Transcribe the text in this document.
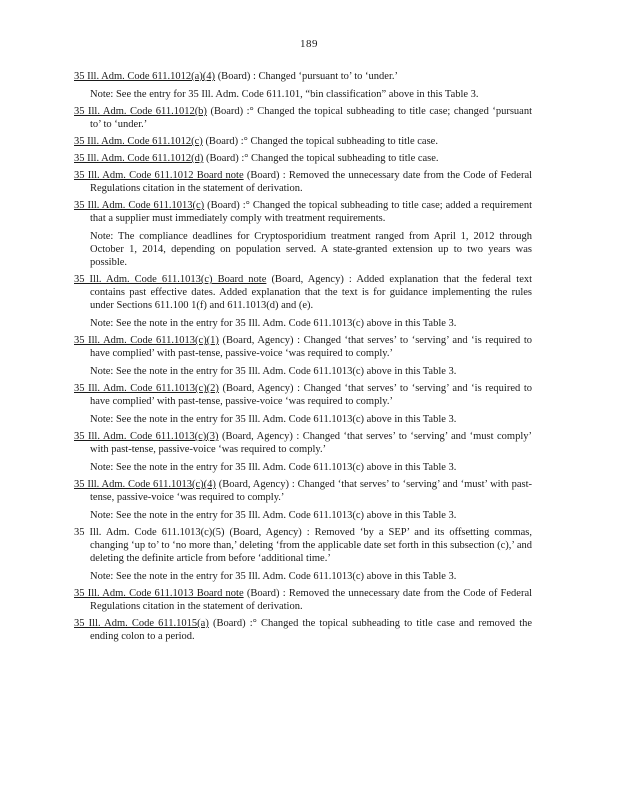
189
35 Ill. Adm. Code 611.1012(a)(4) (Board) : Changed ‘pursuant to’ to ‘under.’
Note: See the entry for 35 Ill. Adm. Code 611.101, “bin classification” above in this Table 3.
35 Ill. Adm. Code 611.1012(b) (Board) :° Changed the topical subheading to title case; changed ‘pursuant to’ to ‘under.’
35 Ill. Adm. Code 611.1012(c) (Board) :° Changed the topical subheading to title case.
35 Ill. Adm. Code 611.1012(d) (Board) :° Changed the topical subheading to title case.
35 Ill. Adm. Code 611.1012 Board note (Board) : Removed the unnecessary date from the Code of Federal Regulations citation in the statement of derivation.
35 Ill. Adm. Code 611.1013(c) (Board) :° Changed the topical subheading to title case; added a requirement that a supplier must immediately comply with treatment requirements.
Note: The compliance deadlines for Cryptosporidium treatment ranged from April 1, 2012 through October 1, 2014, depending on population served. A state-granted extension up to two years was possible.
35 Ill. Adm. Code 611.1013(c) Board note (Board, Agency) : Added explanation that the federal text contains past effective dates. Added explanation that the text is for guidance implementing the rules under Sections 611.100 1(f) and 611.1013(d) and (e).
Note: See the note in the entry for 35 Ill. Adm. Code 611.1013(c) above in this Table 3.
35 Ill. Adm. Code 611.1013(c)(1) (Board, Agency) : Changed ‘that serves’ to ‘serving’ and ‘is required to have complied’ with past-tense, passive-voice ‘was required to comply.’
Note: See the note in the entry for 35 Ill. Adm. Code 611.1013(c) above in this Table 3.
35 Ill. Adm. Code 611.1013(c)(2) (Board, Agency) : Changed ‘that serves’ to ‘serving’ and ‘is required to have complied’ with past-tense, passive-voice ‘was required to comply.’
Note: See the note in the entry for 35 Ill. Adm. Code 611.1013(c) above in this Table 3.
35 Ill. Adm. Code 611.1013(c)(3) (Board, Agency) : Changed ‘that serves’ to ‘serving’ and ‘must comply’ with past-tense, passive-voice ‘was required to comply.’
Note: See the note in the entry for 35 Ill. Adm. Code 611.1013(c) above in this Table 3.
35 Ill. Adm. Code 611.1013(c)(4) (Board, Agency) : Changed ‘that serves’ to ‘serving’ and ‘must’ with past-tense, passive-voice ‘was required to comply.’
Note: See the note in the entry for 35 Ill. Adm. Code 611.1013(c) above in this Table 3.
35 Ill. Adm. Code 611.1013(c)(5) (Board, Agency) : Removed ‘by a SEP’ and its offsetting commas, changing ‘up to’ to ‘no more than,’ deleting ‘from the applicable date set forth in this subsection (c),’ and deleting the definite article from before ‘additional time.’
Note: See the note in the entry for 35 Ill. Adm. Code 611.1013(c) above in this Table 3.
35 Ill. Adm. Code 611.1013 Board note (Board) : Removed the unnecessary date from the Code of Federal Regulations citation in the statement of derivation.
35 Ill. Adm. Code 611.1015(a) (Board) :° Changed the topical subheading to title case and removed the ending colon to a period.
